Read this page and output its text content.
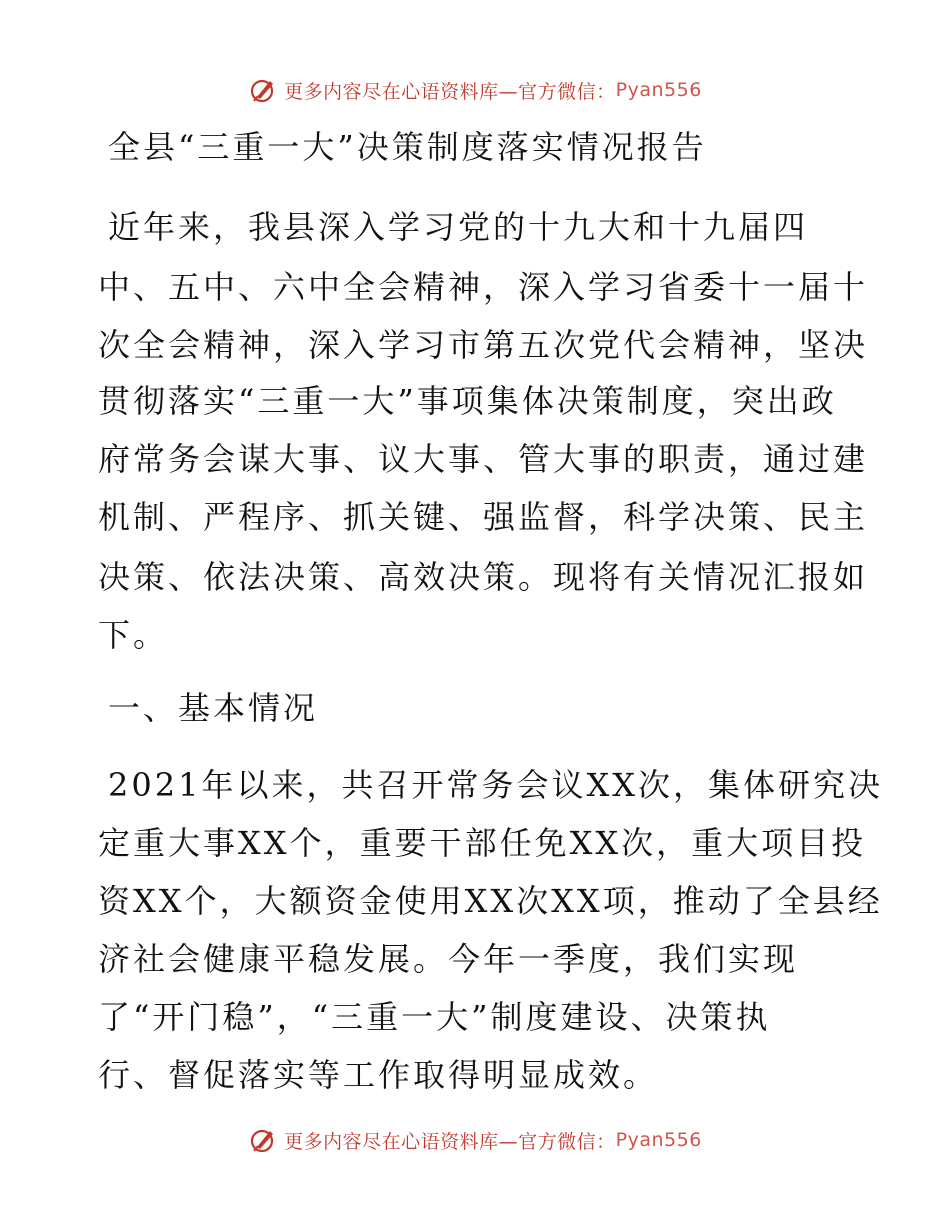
更多内容尽在心语资料库—官方微信： Pyan556
全县“三重一大”决策制度落实情况报告

近年来，我县深入学习党的十九大和十九届四

中、五中、六中全会精神，深入学习省委十一届十

次全会精神，深入学习市第五次党代会精神，坚决

贯彻落实“三重一大”事项集体决策制度，突出政

府常务会谋大事、议大事、管大事的职责，通过建

机制、严程序、抓关键、强监督，科学决策、民主

决策、依法决策、高效决策。现将有关情况汇报如

下。

一、基本情况

2021年以来，共召开常务会议XX次，集体研究决

定重大事XX个，重要干部任免XX次，重大项目投

资XX个，大额资金使用XX次XX项，推动了全县经

济社会健康平稳发展。今年一季度，我们实现

了“开门稳”，“三重一大”制度建设、决策执

行、督促落实等工作取得明显成效。

更多内容尽在心语资料库—官方微信： Pyan556
